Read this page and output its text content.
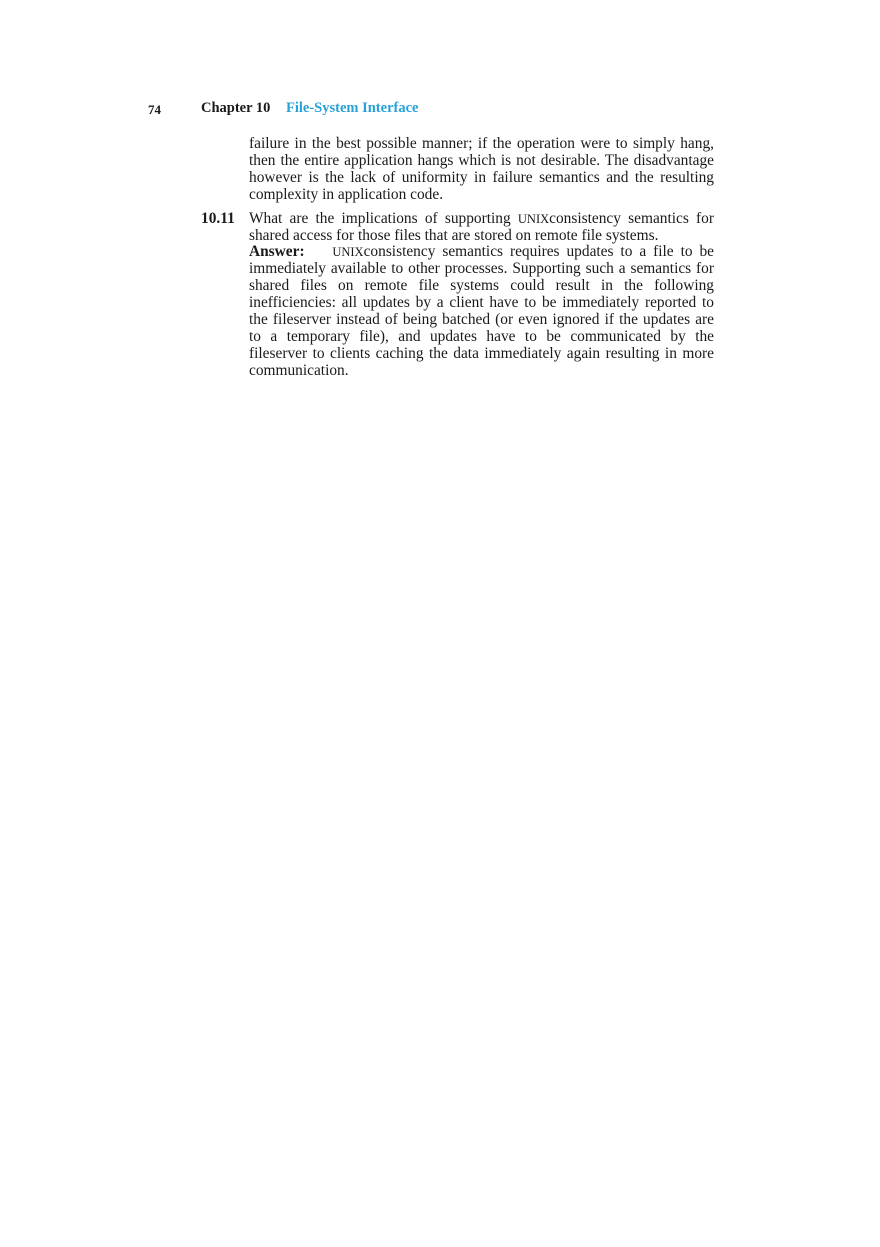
74	Chapter 10 File-System Interface

failure in the best possible manner; if the operation were to simply hang, then the entire application hangs which is not desirable. The disadvantage however is the lack of uniformity in failure semantics and the resulting complexity in application code.

10.11 What are the implications of supporting UNIXconsistency semantics for shared access for those files that are stored on remote file systems.

Answer: UNIXconsistency semantics requires updates to a file to be immediately available to other processes. Supporting such a semantics for shared files on remote file systems could result in the following inefficiencies: all updates by a client have to be immediately reported to the fileserver instead of being batched (or even ignored if the updates are to a temporary file), and updates have to be communicated by the fileserver to clients caching the data immediately again resulting in more communication.
